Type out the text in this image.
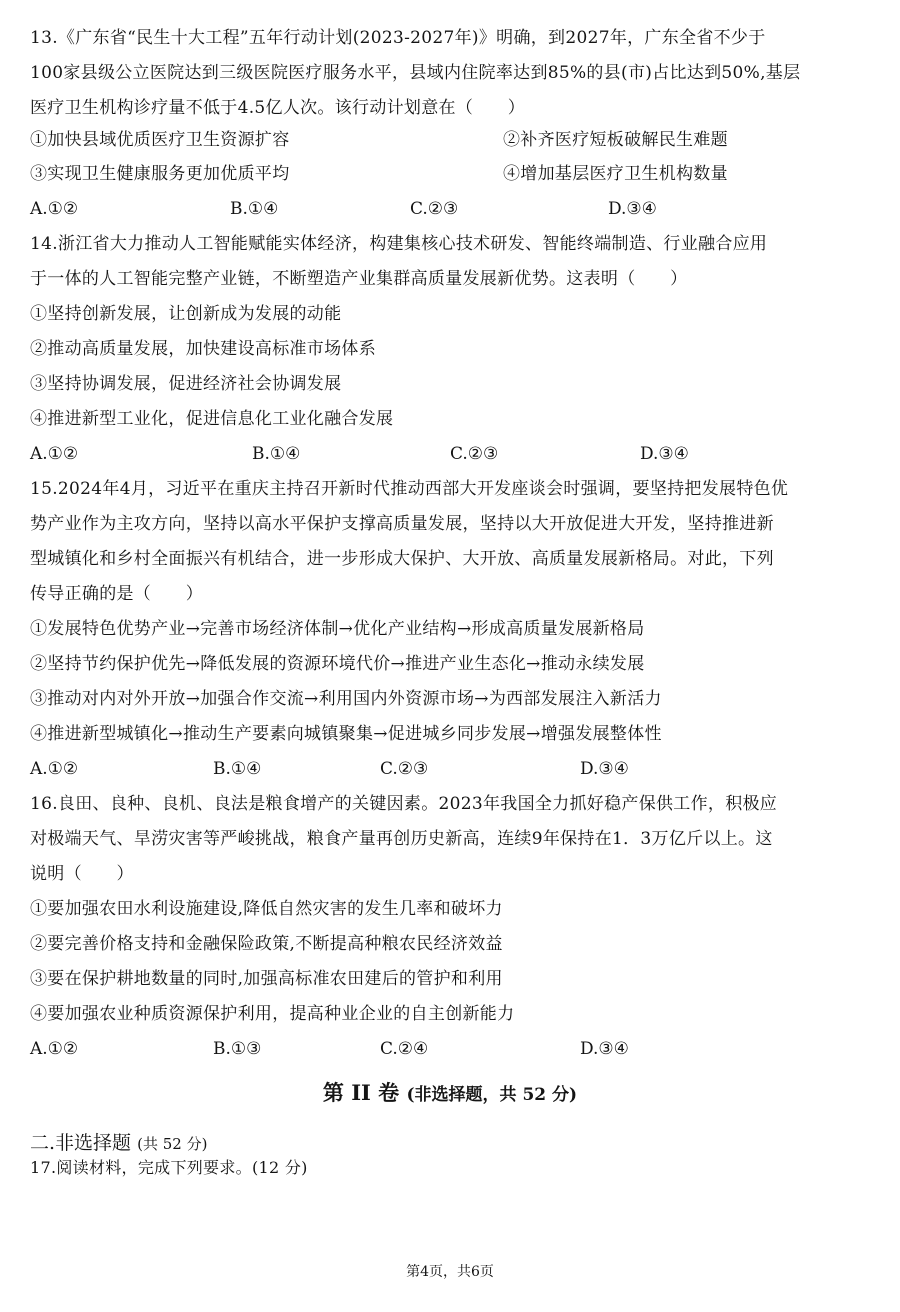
13.《广东省“民生十大工程”五年行动计划(2023-2027年)》明确，到2027年，广东全省不少于
100家县级公立医院达到三级医院医疗服务水平，县域内住院率达到85%的县(市)占比达到50%,基层
医疗卫生机构诊疗量不低于4.5亿人次。该行动计划意在（　　）
①加快县域优质医疗卫生资源扩容	②补齐医疗短板破解民生难题
③实现卫生健康服务更加优质平均	④增加基层医疗卫生机构数量
A.①②	B.①④	C.②③	D.③④
14.浙江省大力推动人工智能赋能实体经济，构建集核心技术研发、智能终端制造、行业融合应用
于一体的人工智能完整产业链，不断塑造产业集群高质量发展新优势。这表明（　　）
①坚持创新发展，让创新成为发展的动能
②推动高质量发展，加快建设高标准市场体系
③坚持协调发展，促进经济社会协调发展
④推进新型工业化，促进信息化工业化融合发展
A.①②	B.①④	C.②③	D.③④
15.2024年4月，习近平在重庆主持召开新时代推动西部大开发座谈会时强调，要坚持把发展特色优
势产业作为主攻方向，坚持以高水平保护支撑高质量发展，坚持以大开放促进大开发，坚持推进新
型城镇化和乡村全面振兴有机结合，进一步形成大保护、大开放、高质量发展新格局。对此，下列
传导正确的是（　　）
①发展特色优势产业→完善市场经济体制→优化产业结构→形成高质量发展新格局
②坚持节约保护优先→降低发展的资源环境代价→推进产业生态化→推动永续发展
③推动对内对外开放→加强合作交流→利用国内外资源市场→为西部发展注入新活力
④推进新型城镇化→推动生产要素向城镇聚集→促进城乡同步发展→增强发展整体性
A.①②	B.①④	C.②③	D.③④
16.良田、良种、良机、良法是粮食增产的关键因素。2023年我国全力抓好稳产保供工作，积极应
对极端天气、旱涝灾害等严峻挑战，粮食产量再创历史新高，连续9年保持在1．3万亿斤以上。这
说明（　　）
①要加强农田水利设施建设,降低自然灾害的发生几率和破坏力
②要完善价格支持和金融保险政策,不断提高种粮农民经济效益
③要在保护耕地数量的同时,加强高标准农田建后的管护和利用
④要加强农业种质资源保护利用，提高种业企业的自主创新能力
A.①②	B.①③	C.②④	D.③④
第 II 卷 (非选择题，共 52 分)
二.非选择题 (共 52 分)
17.阅读材料，完成下列要求。(12 分)
第4页，共6页
